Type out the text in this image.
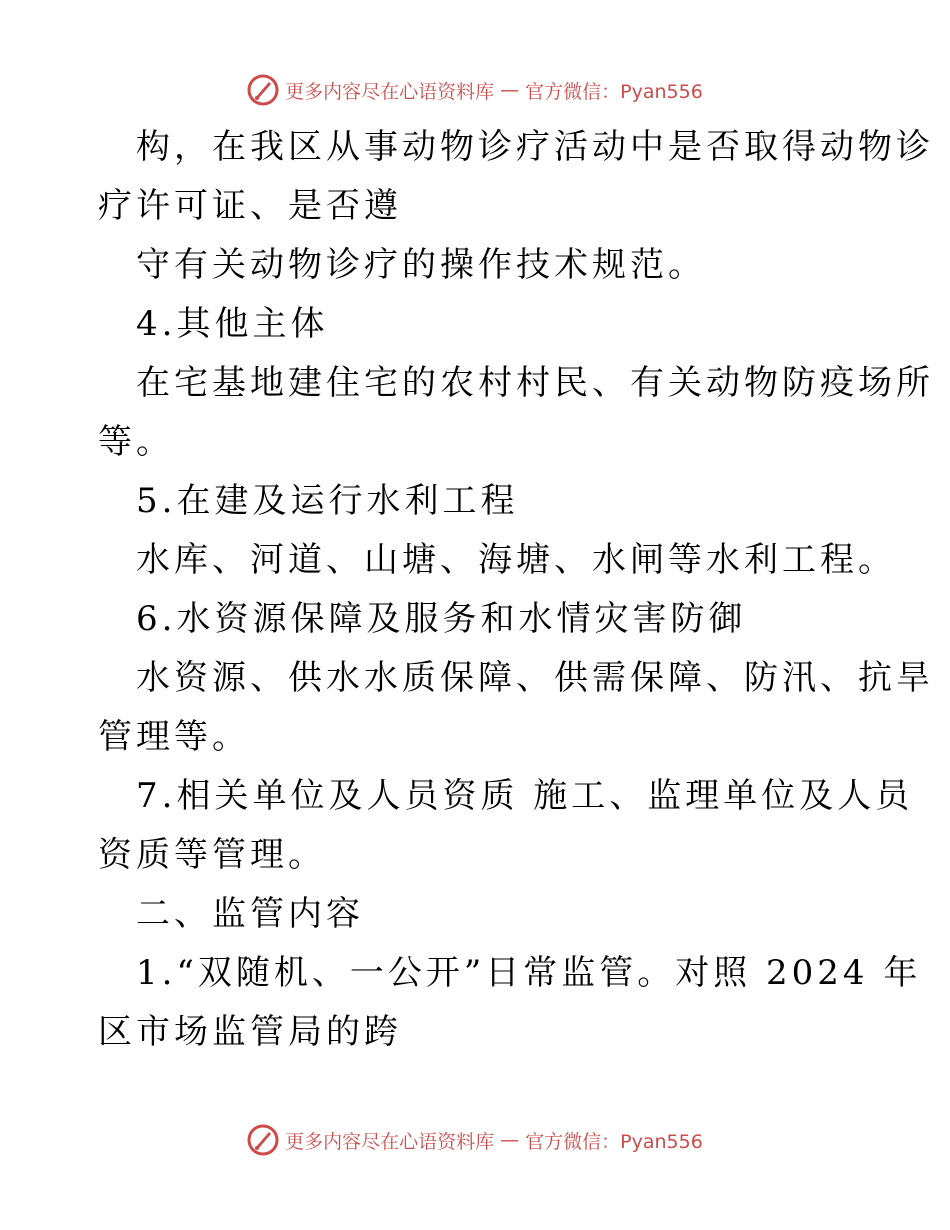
更多内容尽在心语资料库 — 官方微信：Pyan556
构，在我区从事动物诊疗活动中是否取得动物诊
疗许可证、是否遵
守有关动物诊疗的操作技术规范。
4.其他主体
在宅基地建住宅的农村村民、有关动物防疫场所
等。
5.在建及运行水利工程
水库、河道、山塘、海塘、水闸等水利工程。
6.水资源保障及服务和水情灾害防御
水资源、供水水质保障、供需保障、防汛、抗旱
管理等。
7.相关单位及人员资质 施工、监理单位及人员
资质等管理。
二、监管内容
1.“双随机、一公开”日常监管。对照 2024 年
区市场监管局的跨
更多内容尽在心语资料库 — 官方微信：Pyan556
